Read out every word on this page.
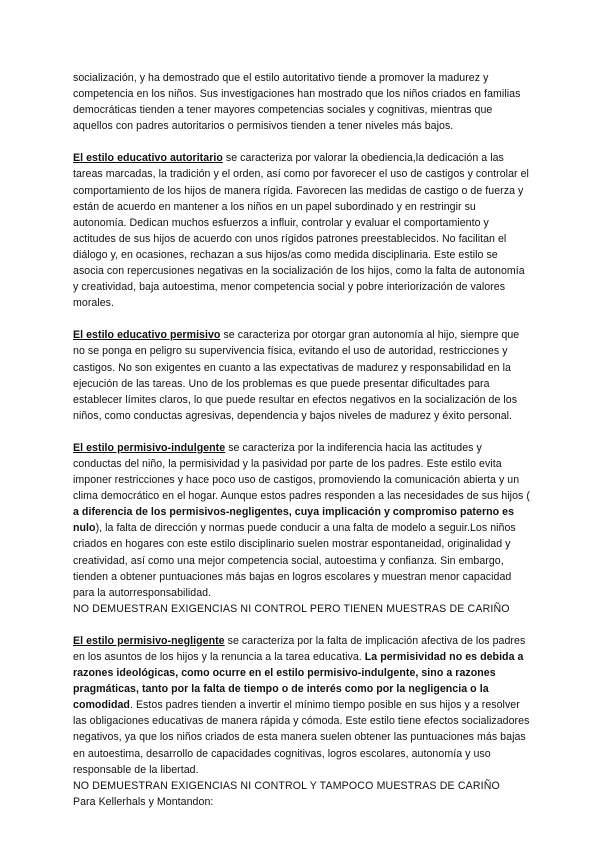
socialización, y ha demostrado que el estilo autoritativo tiende a promover la madurez y competencia en los niños. Sus investigaciones han mostrado que los niños criados en familias democráticas tienden a tener mayores competencias sociales y cognitivas, mientras que aquellos con padres autoritarios o permisivos tienden a tener niveles más bajos.

El estilo educativo autoritario se caracteriza por valorar la obediencia,la dedicación a las tareas marcadas, la tradición y el orden, así como por favorecer el uso de castigos y controlar el comportamiento de los hijos de manera rígida. Favorecen las medidas de castigo o de fuerza y están de acuerdo en mantener a los niños en un papel subordinado y en restringir su autonomía. Dedican muchos esfuerzos a influir, controlar y evaluar el comportamiento y actitudes de sus hijos de acuerdo con unos rígidos patrones preestablecidos. No facilitan el diálogo y, en ocasiones, rechazan a sus hijos/as como medida disciplinaria. Este estilo se asocia con repercusiones negativas en la socialización de los hijos, como la falta de autonomía y creatividad, baja autoestima, menor competencia social y pobre interiorización de valores morales.

El estilo educativo permisivo se caracteriza por otorgar gran autonomía al hijo, siempre que no se ponga en peligro su supervivencia física, evitando el uso de autoridad, restricciones y castigos. No son exigentes en cuanto a las expectativas de madurez y responsabilidad en la ejecución de las tareas. Uno de los problemas es que puede presentar dificultades para establecer límites claros, lo que puede resultar en efectos negativos en la socialización de los niños, como conductas agresivas, dependencia y bajos niveles de madurez y éxito personal.

El estilo permisivo-indulgente se caracteriza por la indiferencia hacia las actitudes y conductas del niño, la permisividad y la pasividad por parte de los padres. Este estilo evita imponer restricciones y hace poco uso de castigos, promoviendo la comunicación abierta y un clima democrático en el hogar. Aunque estos padres responden a las necesidades de sus hijos ( a diferencia de los permisivos-negligentes, cuya implicación y compromiso paterno es nulo), la falta de dirección y normas puede conducir a una falta de modelo a seguir.Los niños criados en hogares con este estilo disciplinario suelen mostrar espontaneidad, originalidad y creatividad, así como una mejor competencia social, autoestima y confianza. Sin embargo, tienden a obtener puntuaciones más bajas en logros escolares y muestran menor capacidad para la autorresponsabilidad.

NO DEMUESTRAN EXIGENCIAS NI CONTROL PERO TIENEN MUESTRAS DE CARIÑO

El estilo permisivo-negligente se caracteriza por la falta de implicación afectiva de los padres en los asuntos de los hijos y la renuncia a la tarea educativa. La permisividad no es debida a razones ideológicas, como ocurre en el estilo permisivo-indulgente, sino a razones pragmáticas, tanto por la falta de tiempo o de interés como por la negligencia o la comodidad. Estos padres tienden a invertir el mínimo tiempo posible en sus hijos y a resolver las obligaciones educativas de manera rápida y cómoda. Este estilo tiene efectos socializadores negativos, ya que los niños criados de esta manera suelen obtener las puntuaciones más bajas en autoestima, desarrollo de capacidades cognitivas, logros escolares, autonomía y uso responsable de la libertad.

NO DEMUESTRAN EXIGENCIAS NI CONTROL Y TAMPOCO MUESTRAS DE CARIÑO

Para Kellerhals y Montandon:
